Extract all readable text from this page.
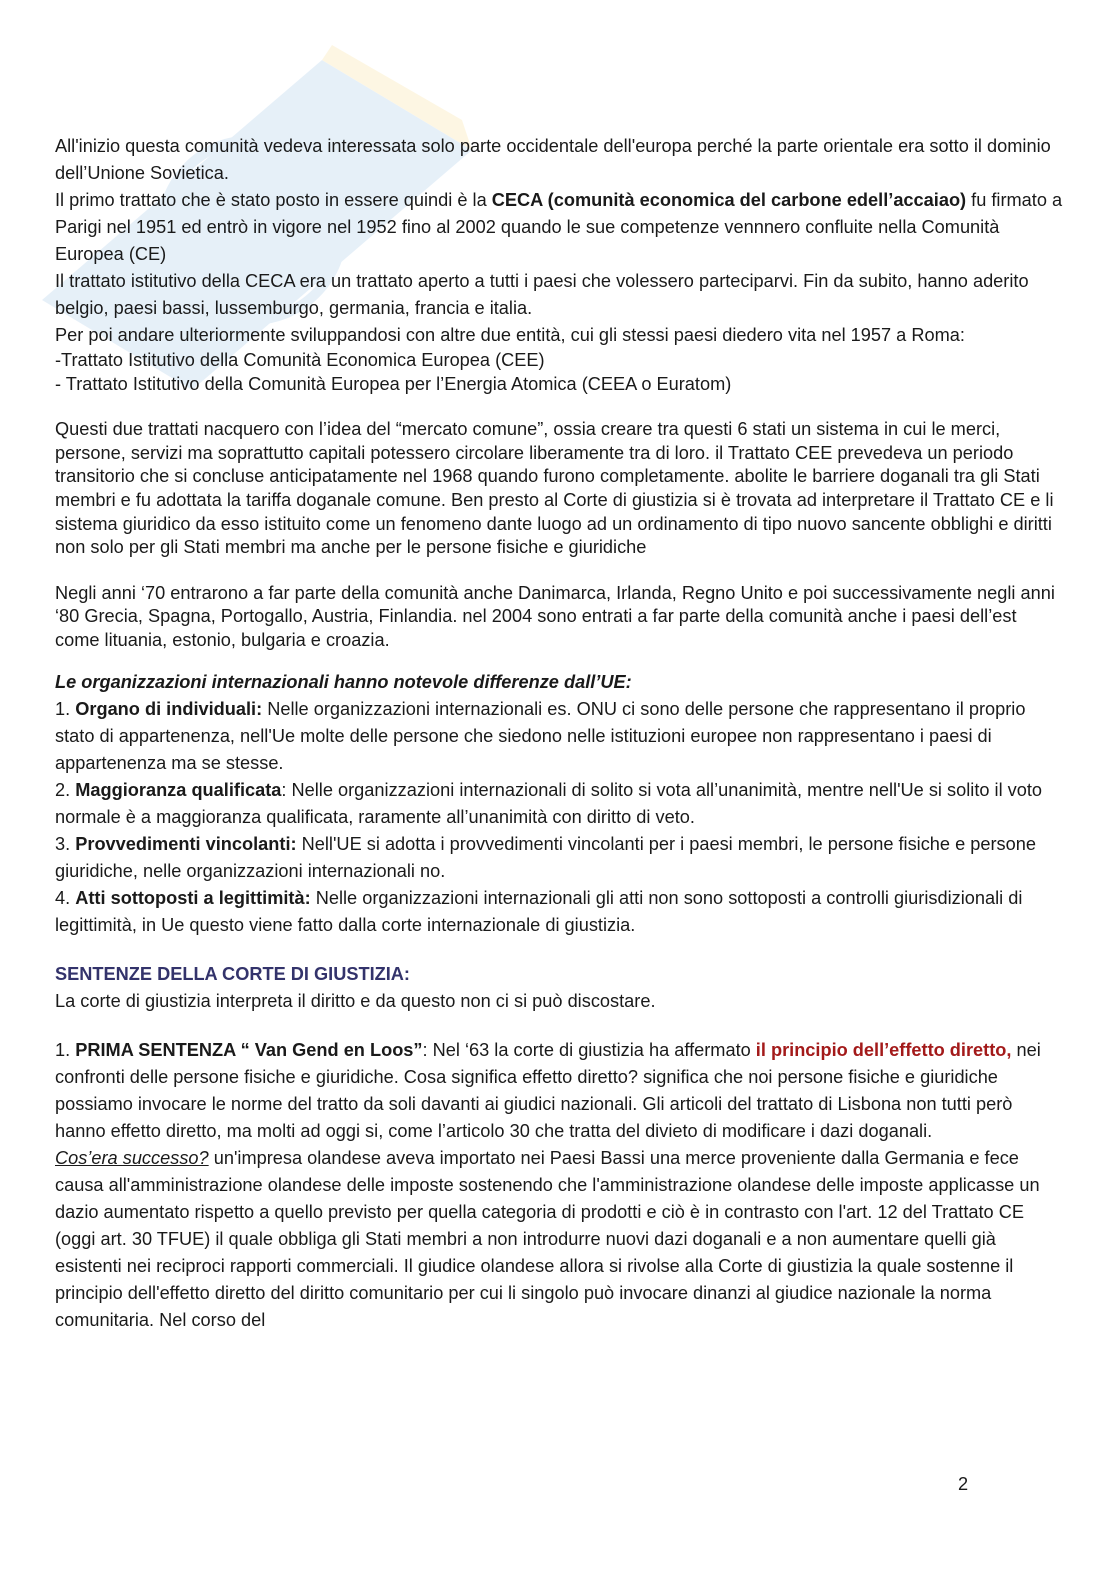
All'inizio questa comunità vedeva interessata solo parte occidentale dell'europa perché la parte orientale era sotto il dominio dell’Unione Sovietica.

Il primo trattato che è stato posto in essere quindi è la CECA (comunità economica del carbone edell’accaiao) fu firmato a Parigi nel 1951 ed entrò in vigore nel 1952 fino al 2002 quando le sue competenze vennnero confluite nella Comunità Europea (CE)

Il trattato istitutivo della CECA era un trattato aperto a tutti i paesi che volessero parteciparvi. Fin da subito, hanno aderito belgio, paesi bassi, lussemburgo, germania, francia e italia.

Per poi andare ulteriormente sviluppandosi con altre due entità, cui gli stessi paesi diedero vita nel 1957 a Roma:

-Trattato Istitutivo della Comunità Economica Europea (CEE)

- Trattato Istitutivo della Comunità Europea per l’Energia Atomica (CEEA o Euratom)

Questi due trattati nacquero con l’idea del “mercato comune”, ossia creare tra questi 6 stati un sistema in cui le merci, persone, servizi ma soprattutto capitali potessero circolare liberamente tra di loro. il Trattato CEE prevedeva un periodo transitorio che si concluse anticipatamente nel 1968 quando furono completamente. abolite le barriere doganali tra gli Stati membri e fu adottata la tariffa doganale comune. Ben presto al Corte di giustizia si è trovata ad interpretare il Trattato CE e li sistema giuridico da esso istituito come un fenomeno dante luogo ad un ordinamento di tipo nuovo sancente obblighi e diritti non solo per gli Stati membri ma anche per le persone fisiche e giuridiche

Negli anni ‘70 entrarono a far parte della comunità anche Danimarca, Irlanda, Regno Unito e poi successivamente negli anni ‘80 Grecia, Spagna, Portogallo, Austria, Finlandia. nel 2004 sono entrati a far parte della comunità anche i paesi dell’est come lituania, estonio, bulgaria e croazia.

Le organizzazioni internazionali hanno notevole differenze dall’UE:

1. Organo di individuali: Nelle organizzazioni internazionali es. ONU ci sono delle persone che rappresentano il proprio stato di appartenenza, nell'Ue molte delle persone che siedono nelle istituzioni europee non rappresentano i paesi di appartenenza ma se stesse.

2. Maggioranza qualificata: Nelle organizzazioni internazionali di solito si vota all’unanimità, mentre nell'Ue si solito il voto normale è a maggioranza qualificata, raramente all’unanimità con diritto di veto.

3. Provvedimenti vincolanti: Nell'UE si adotta i provvedimenti vincolanti per i paesi membri, le persone fisiche e persone giuridiche, nelle organizzazioni internazionali no.

4. Atti sottoposti a legittimità: Nelle organizzazioni internazionali gli atti non sono sottoposti a controlli giurisdizionali di legittimità, in Ue questo viene fatto dalla corte internazionale di giustizia.

SENTENZE DELLA CORTE DI GIUSTIZIA:

La corte di giustizia interpreta il diritto e da questo non ci si può discostare.

1. PRIMA SENTENZA “ Van Gend en Loos”: Nel ‘63 la corte di giustizia ha affermato il principio dell’effetto diretto, nei confronti delle persone fisiche e giuridiche. Cosa significa effetto diretto? significa che noi persone fisiche e giuridiche possiamo invocare le norme del tratto da soli davanti ai giudici nazionali. Gli articoli del trattato di Lisbona non tutti però hanno effetto diretto, ma molti ad oggi si, come l’articolo 30 che tratta del divieto di modificare i dazi doganali.

Cos’era successo? un'impresa olandese aveva importato nei Paesi Bassi una merce proveniente dalla Germania e fece causa all'amministrazione olandese delle imposte sostenendo che l'amministrazione olandese delle imposte applicasse un dazio aumentato rispetto a quello previsto per quella categoria di prodotti e ciò è in contrasto con l'art. 12 del Trattato CE (oggi art. 30 TFUE) il quale obbliga gli Stati membri a non introdurre nuovi dazi doganali e a non aumentare quelli già esistenti nei reciproci rapporti commerciali. Il giudice olandese allora si rivolse alla Corte di giustizia la quale sostenne il principio dell'effetto diretto del diritto comunitario per cui li singolo può invocare dinanzi al giudice nazionale la norma comunitaria. Nel corso del

2
